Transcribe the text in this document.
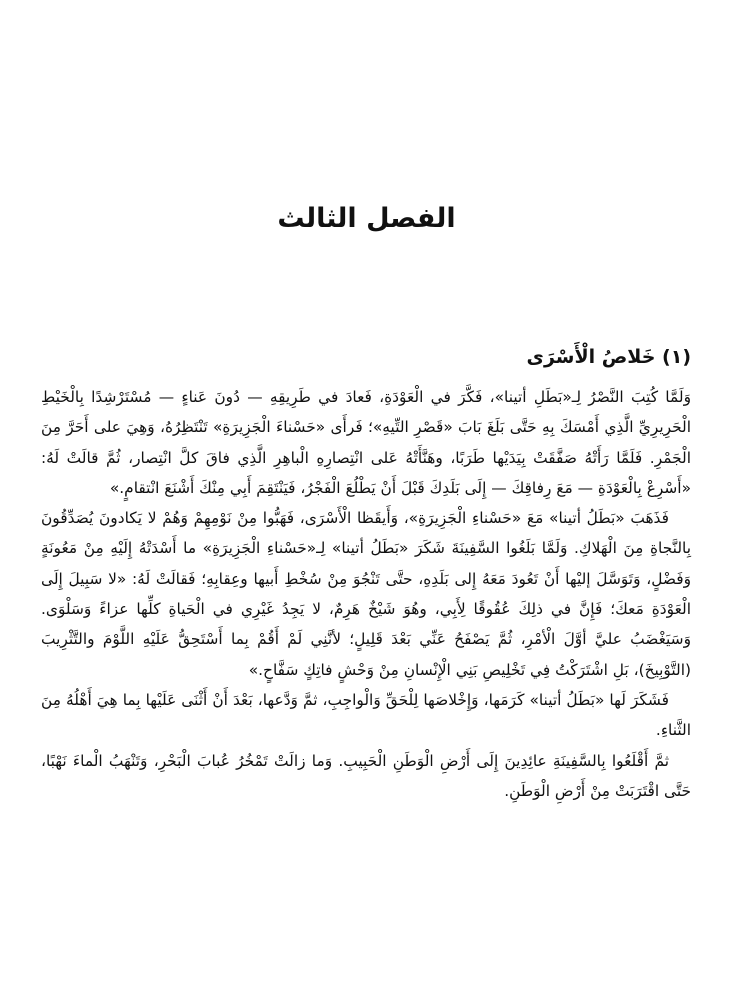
الفصل الثالث
(١) خَلاصُ الْأَسْرَى

وَلَمَّا كُتِبَ النَّصْرُ لِـ«بَطَلِ أتينا»، فَكَّرَ في الْعَوْدَةِ، فَعادَ في طَرِيقِهِ — دُونَ عَناءٍ — مُسْتَرْشِدًا بِالْخَيْطِ الْحَرِيرِيِّ الَّذِي أَمْسَكَ بِهِ حَتَّى بَلَغَ بَابَ «قَصْرِ التِّيهِ»؛ فَرأَى «حَسْناءَ الْجَزِيرَةِ» تَنْتَظِرُهُ، وَهِيَ على أَحَرَّ مِنَ الْجَمْرِ. فَلَمَّا رَأَتْهُ صَفَّقَتْ بِيَدَيْها طَرَبًا، وهَنَّأَتْهُ عَلى انْتِصارِهِ الْباهِرِ الَّذِي فاقَ كلَّ انْتِصار، ثُمَّ قالَتْ لَهُ: «أَسْرِعْ بِالْعَوْدَةِ — مَعَ رِفاقِكَ — إِلَى بَلَدِكَ قَبْلَ أَنْ يَطْلُعَ الْفَجْرُ، فَيَنْتَقِمَ أَبِي مِنْكَ أَشْنَعَ انْتقامٍ.»

فَذَهَبَ «بَطَلُ أتينا» مَعَ «حَسْناءِ الْجَزِيرَةِ»، وَأَيقَظا الْأَسْرَى، فَهَبُّوا مِنْ نَوْمِهِمْ وَهُمْ لا يَكادونَ يُصَدِّقُونَ بِالنَّجاةِ مِنَ الْهَلاكِ. وَلَمَّا بَلَغُوا السَّفِينَةَ شَكَرَ «بَطَلُ أتينا» لِـ«حَسْناءِ الْجَزِيرَةِ» ما أَسْدَتْهُ إِلَيْهِ مِنْ مَعُونَةٍ وَفَضْلٍ، وَتَوَسَّلَ إليْها أَنْ تَعُودَ مَعَهُ إِلى بَلَدِهِ، حتَّى تَنْجُوَ مِنْ سُخْطِ أَبيها وعِقابِهِ؛ فَقالَتْ لَهُ: «لا سَبِيلَ إِلَى الْعَوْدَةِ مَعكَ؛ فَإِنَّ في ذلِكَ عُقُوقًا لِأَبِي، وهُوَ شَيْخٌ هَرِمٌ، لا يَجِدُ غَيْرِي في الْحَياةِ كلِّها عزاءً وَسَلْوَى. وَسَيَغْضَبُ عليَّ أوَّلَ الْأمْرِ، ثُمَّ يَصْفَحُ عَنِّي بَعْدَ قَلِيلٍ؛ لأنَّنِي لَمْ أَقُمْ بِما أَسْتَحِقُّ عَلَيْهِ اللَّوْمَ والتَّثْرِيبَ (التَّوْبِيخَ)، بَلِ اشْتَرَكْتُ فِي تَخْلِيصِ بَنِي الْإِنْسانِ مِنْ وَحْشٍ فاتِكٍ سَفَّاحٍ.»

فَشَكَرَ لَها «بَطَلُ أتينا» كَرَمَها، وَإِخْلاصَها لِلْحَقِّ وَالْواجِبِ، ثمَّ وَدَّعها، بَعْدَ أَنْ أَثْنَى عَلَيْها بِما هِيَ أَهْلُهُ مِنَ الثَّناءِ.

ثمَّ أَقْلَعُوا بِالسَّفِينَةِ عائِدِينَ إِلَى أَرْضِ الْوَطَنِ الْحَبِيبِ. وَما زالَتْ تَمْخُرُ عُبابَ الْبَحْرِ، وَتَنْهَبُ الْماءَ نَهْبًا، حَتَّى اقْتَرَبَتْ مِنْ أَرْضِ الْوَطَنِ.
